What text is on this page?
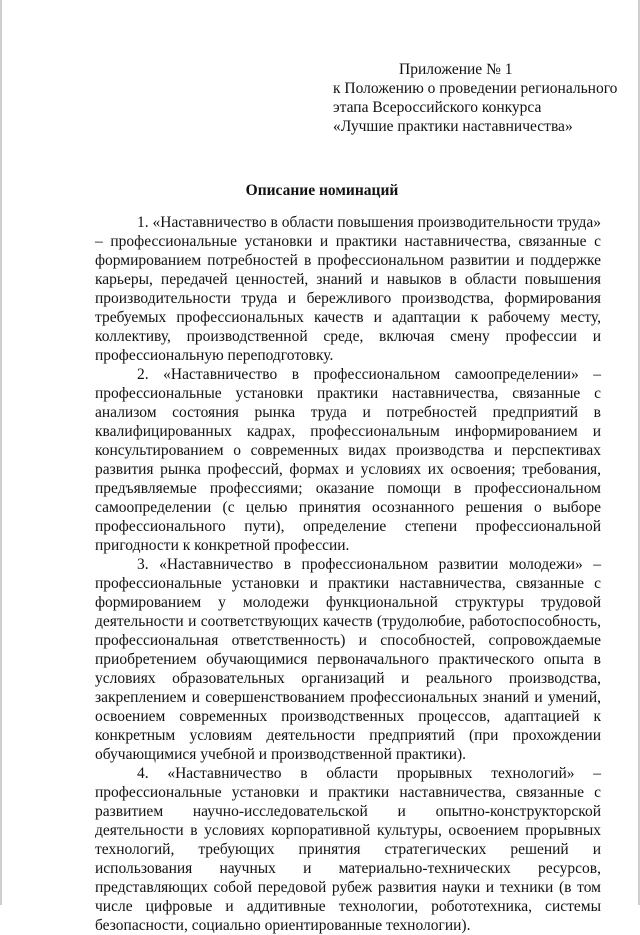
Приложение № 1
к Положению о проведении регионального
этапа Всероссийского конкурса
«Лучшие практики наставничества»
Описание номинаций

1. «Наставничество в области повышения производительности труда» – профессиональные установки и практики наставничества, связанные с формированием потребностей в профессиональном развитии и поддержке карьеры, передачей ценностей, знаний и навыков в области повышения производительности труда и бережливого производства, формирования требуемых профессиональных качеств и адаптации к рабочему месту, коллективу, производственной среде, включая смену профессии и профессиональную переподготовку.

2. «Наставничество в профессиональном самоопределении» – профессиональные установки практики наставничества, связанные с анализом состояния рынка труда и потребностей предприятий в квалифицированных кадрах, профессиональным информированием и консультированием о современных видах производства и перспективах развития рынка профессий, формах и условиях их освоения; требования, предъявляемые профессиями; оказание помощи в профессиональном самоопределении (с целью принятия осознанного решения о выборе профессионального пути), определение степени профессиональной пригодности к конкретной профессии.

3. «Наставничество в профессиональном развитии молодежи» – профессиональные установки и практики наставничества, связанные с формированием у молодежи функциональной структуры трудовой деятельности и соответствующих качеств (трудолюбие, работоспособность, профессиональная ответственность) и способностей, сопровождаемые приобретением обучающимися первоначального практического опыта в условиях образовательных организаций и реального производства, закреплением и совершенствованием профессиональных знаний и умений, освоением современных производственных процессов, адаптацией к конкретным условиям деятельности предприятий (при прохождении обучающимися учебной и производственной практики).

4. «Наставничество в области прорывных технологий» – профессиональные установки и практики наставничества, связанные с развитием научно-исследовательской и опытно-конструкторской деятельности в условиях корпоративной культуры, освоением прорывных технологий, требующих принятия стратегических решений и использования научных и материально-технических ресурсов, представляющих собой передовой рубеж развития науки и техники (в том числе цифровые и аддитивные технологии, робототехника, системы безопасности, социально ориентированные технологии).
